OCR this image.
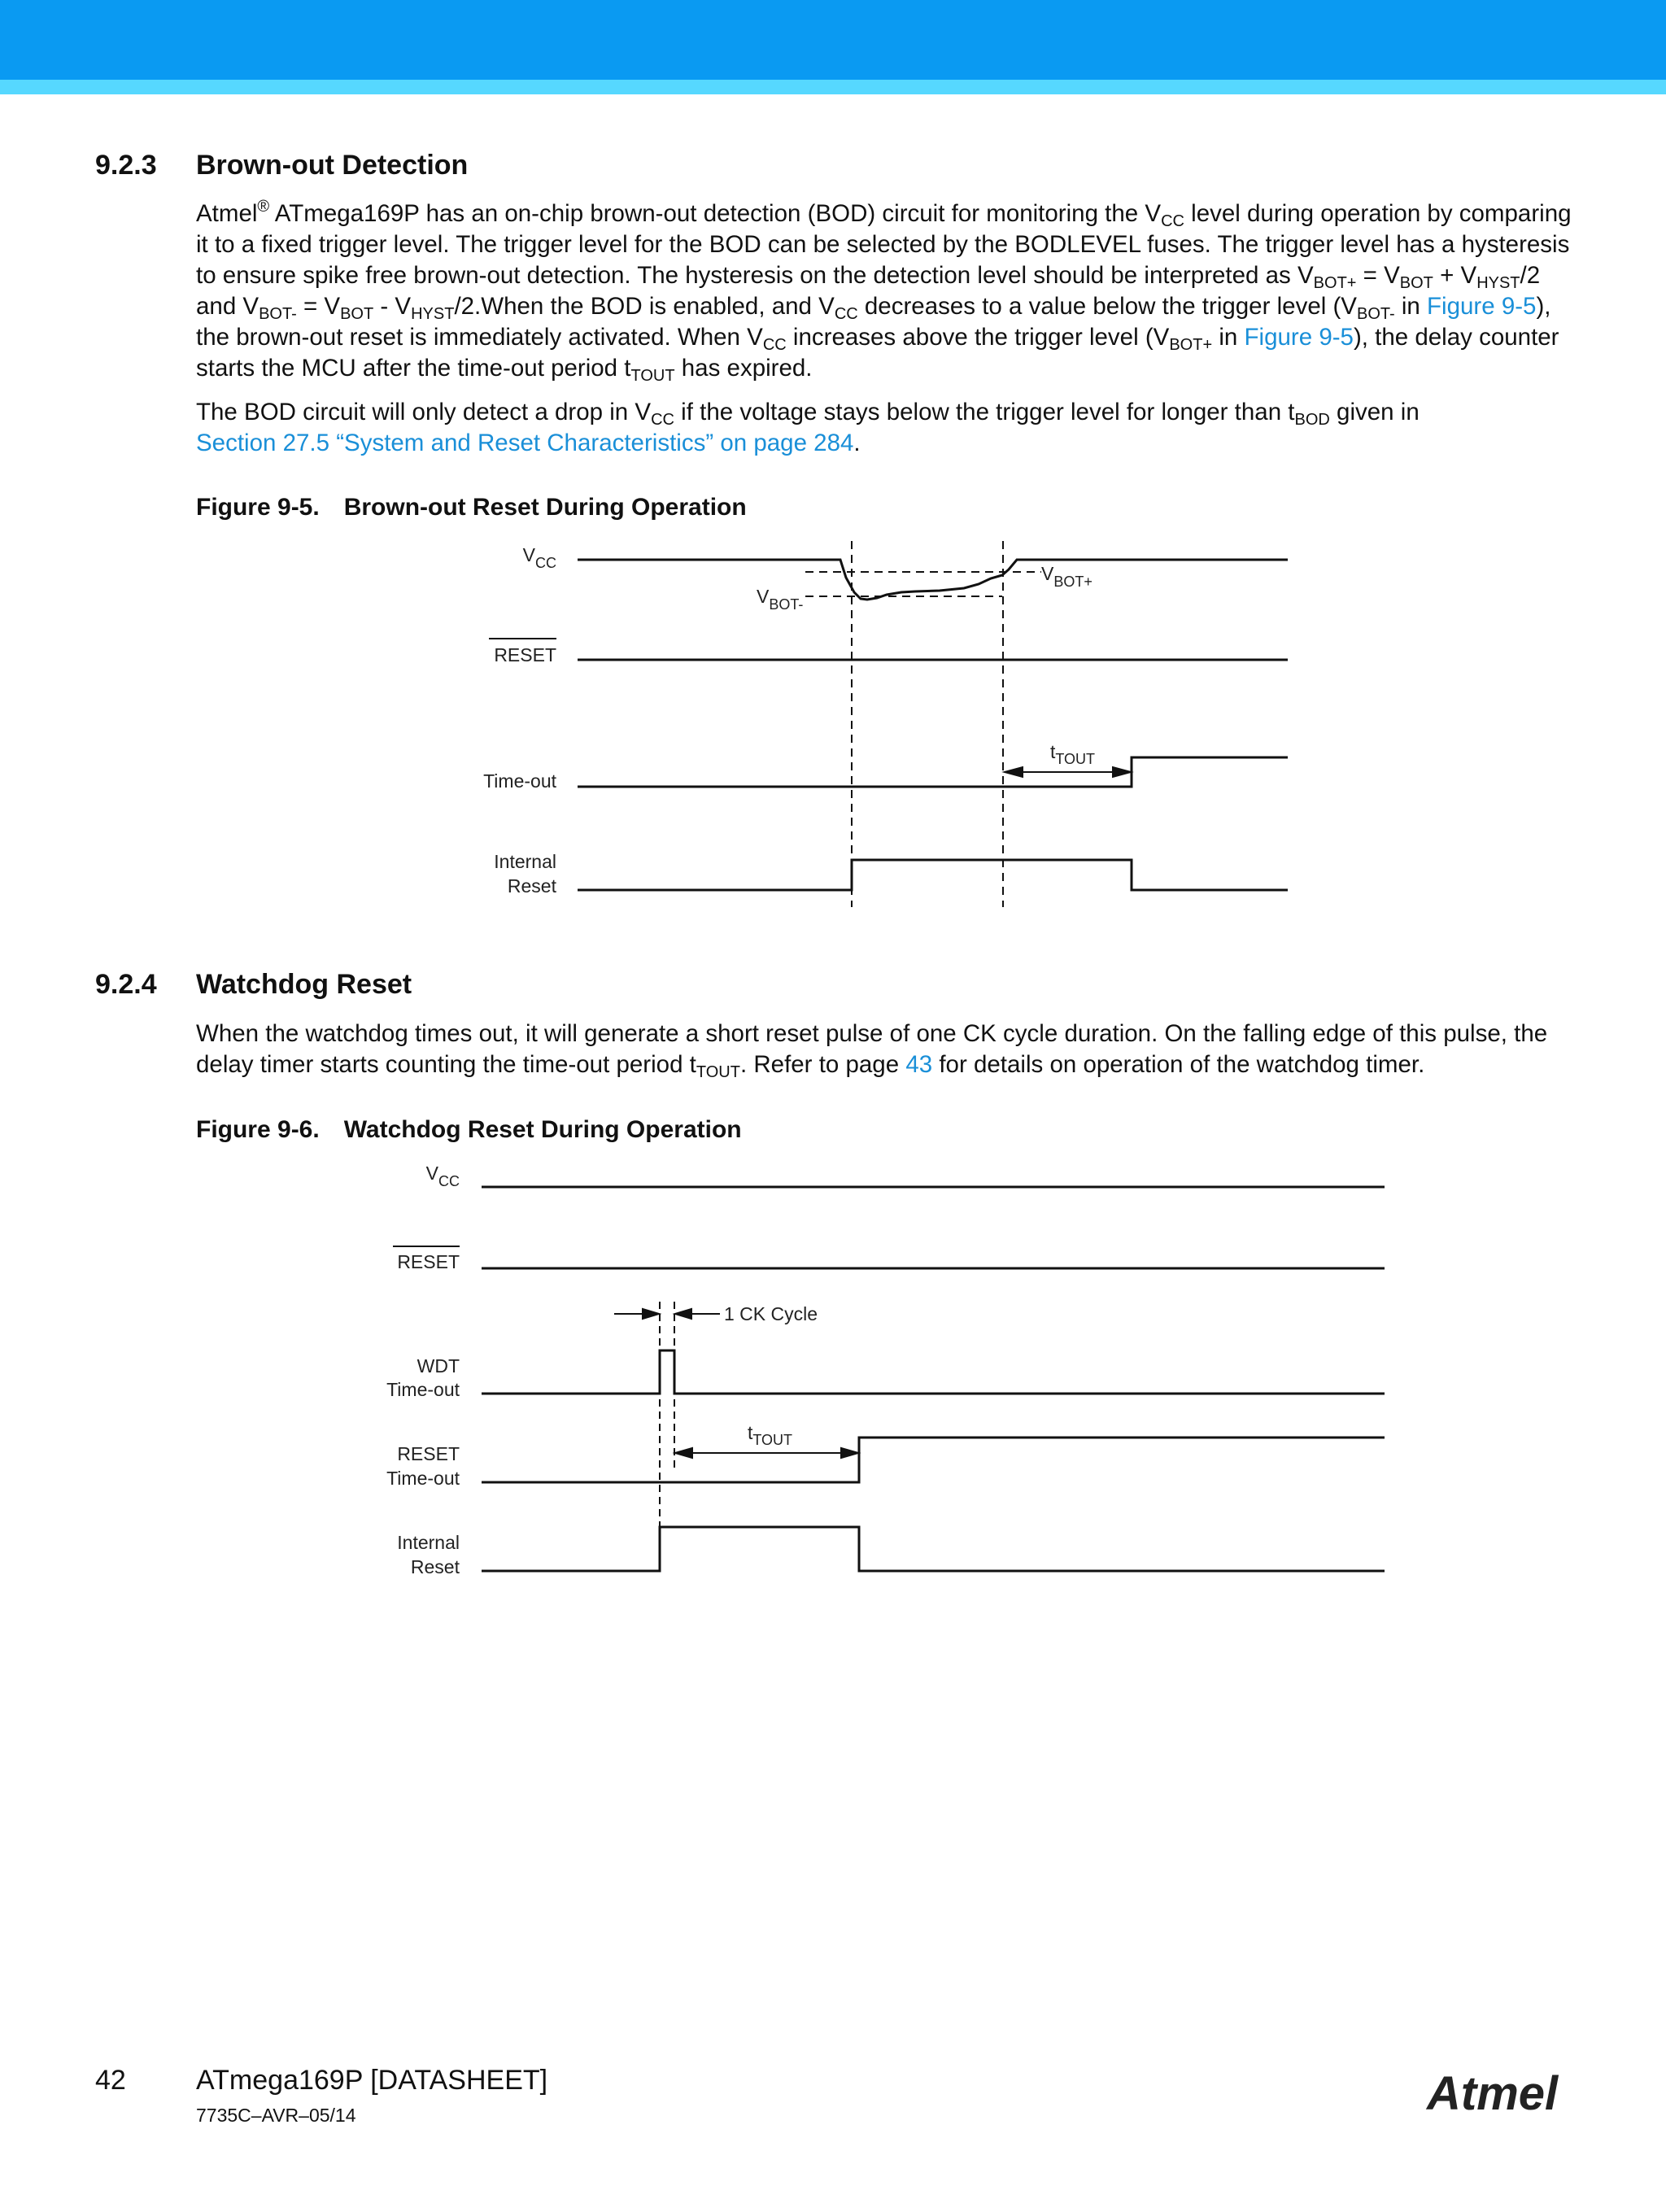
9.2.3 Brown-out Detection

Atmel® ATmega169P has an on-chip brown-out detection (BOD) circuit for monitoring the $V_{CC}$ level during operation by comparing it to a fixed trigger level. The trigger level for the BOD can be selected by the BODLEVEL fuses. The trigger level has a hysteresis to ensure spike free brown-out detection. The hysteresis on the detection level should be interpreted as $V_{BOT+} = V_{BOT} + V_{HYST}/2$ and $V_{BOT-} = V_{BOT}$ - $V_{HYST}/2.When$ the BOD is enabled, and $V_{CC}$ decreases to a value below the trigger level ($V_{BOT-}$ in Figure 9-5), the brown-out reset is immediately activated. When $V_{CC}$ increases above the trigger level ($V_{BOT+}$ in Figure 9-5), the delay counter starts the MCU after the time-out period $t_{TOUT}$ has expired.

The BOD circuit will only detect a drop in $V_{CC}$ if the voltage stays below the trigger level for longer than $t_{BOD}$ given in
Section 27.5 “System and Reset Characteristics” on page 284.

Figure 9-5. Brown-out Reset During Operation
$V_{CC}$
$V_{BOT-}$
$V_{BOT+}$
RESET
Time-out
$t_{TOUT}$
Internal
Reset
9.2.4 Watchdog Reset

When the watchdog times out, it will generate a short reset pulse of one CK cycle duration. On the falling edge of this pulse, the delay timer starts counting the time-out period $t_{TOUT}$. Refer to page 43 for details on operation of the watchdog timer.

Figure 9-6. Watchdog Reset During Operation
$V_{CC}$
RESET
1 CK Cycle
WDT
Time-out
RESET
Time-out
$t_{TOUT}$
Internal
Reset
42	ATmega169P [DATASHEET]
7735C–AVR–05/14	Atmel
